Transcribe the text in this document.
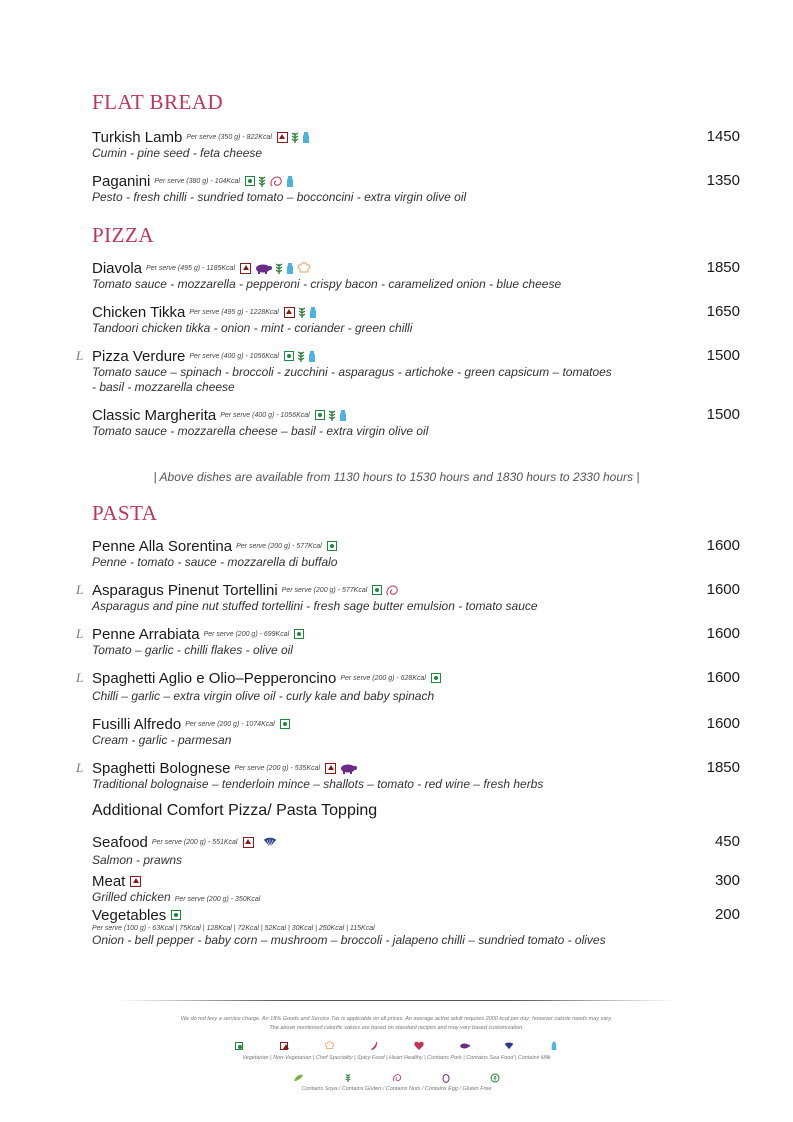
FLAT BREAD
Turkish Lamb Per serve (350 g) - 822Kcal
Cumin - pine seed - feta cheese
1450
Paganini Per serve (380 g) - 104Kcal
Pesto - fresh chilli - sundried tomato – bocconcini - extra virgin olive oil
1350
PIZZA
Diavola Per serve (495 g) - 1185Kcal
Tomato sauce - mozzarella - pepperoni - crispy bacon - caramelized onion - blue cheese
1850
Chicken Tikka Per serve (495 g) - 1228Kcal
Tandoori chicken tikka - onion - mint - coriander - green chilli
1650
L Pizza Verdure Per serve (400 g) - 1056Kcal
Tomato sauce – spinach - broccoli - zucchini - asparagus - artichoke - green capsicum – tomatoes - basil - mozzarella cheese
1500
Classic Margherita Per serve (400 g) - 1056Kcal
Tomato sauce - mozzarella cheese – basil - extra virgin olive oil
1500
| Above dishes are available from 1130 hours to 1530 hours and 1830 hours to 2330 hours |
PASTA
Penne Alla Sorentina Per serve (200 g) - 577Kcal
Penne - tomato - sauce - mozzarella di buffalo
1600
L Asparagus Pinenut Tortellini Per serve (200 g) - 577Kcal
Asparagus and pine nut stuffed tortellini - fresh sage butter emulsion - tomato sauce
1600
L Penne Arrabiata Per serve (200 g) - 699Kcal
Tomato – garlic - chilli flakes - olive oil
1600
L Spaghetti Aglio e Olio–Pepperoncino Per serve (200 g) - 628Kcal
Chilli – garlic – extra virgin olive oil - curly kale and baby spinach
1600
Fusilli Alfredo Per serve (200 g) - 1074Kcal
Cream - garlic - parmesan
1600
L Spaghetti Bolognese Per serve (200 g) - 535Kcal
Traditional bolognaise – tenderloin mince – shallots – tomato - red wine – fresh herbs
1850
Additional Comfort Pizza/ Pasta Topping
Seafood Per serve (200 g) - 551Kcal
Salmon - prawns
450
Meat
Grilled chicken Per serve (200 g) - 350Kcal
300
Vegetables
Per serve (100 g) - 63Kcal | 75Kcal | 128Kcal | 72Kcal | 52Kcal | 30Kcal | 250Kcal | 115Kcal
Onion - bell pepper - baby corn – mushroom – broccoli - jalapeno chilli – sundried tomato - olives
200
We do not levy a service charge. An 18% Goods and Service Tax is applicable on all prices. An average active adult requires 2000 kcal per day; however calorie needs may vary.
The above mentioned calorific values are based on standard recipes and may vary based customization.
Vegetarian | Non-Vegetarian | Chef Speciality | Spicy Food | Heart Healthy | Contains Pork | Contains Sea Food | Contains Milk
Contains Soya / Contains Gluten / Contains Nuts / Contains Egg / Gluten Free
